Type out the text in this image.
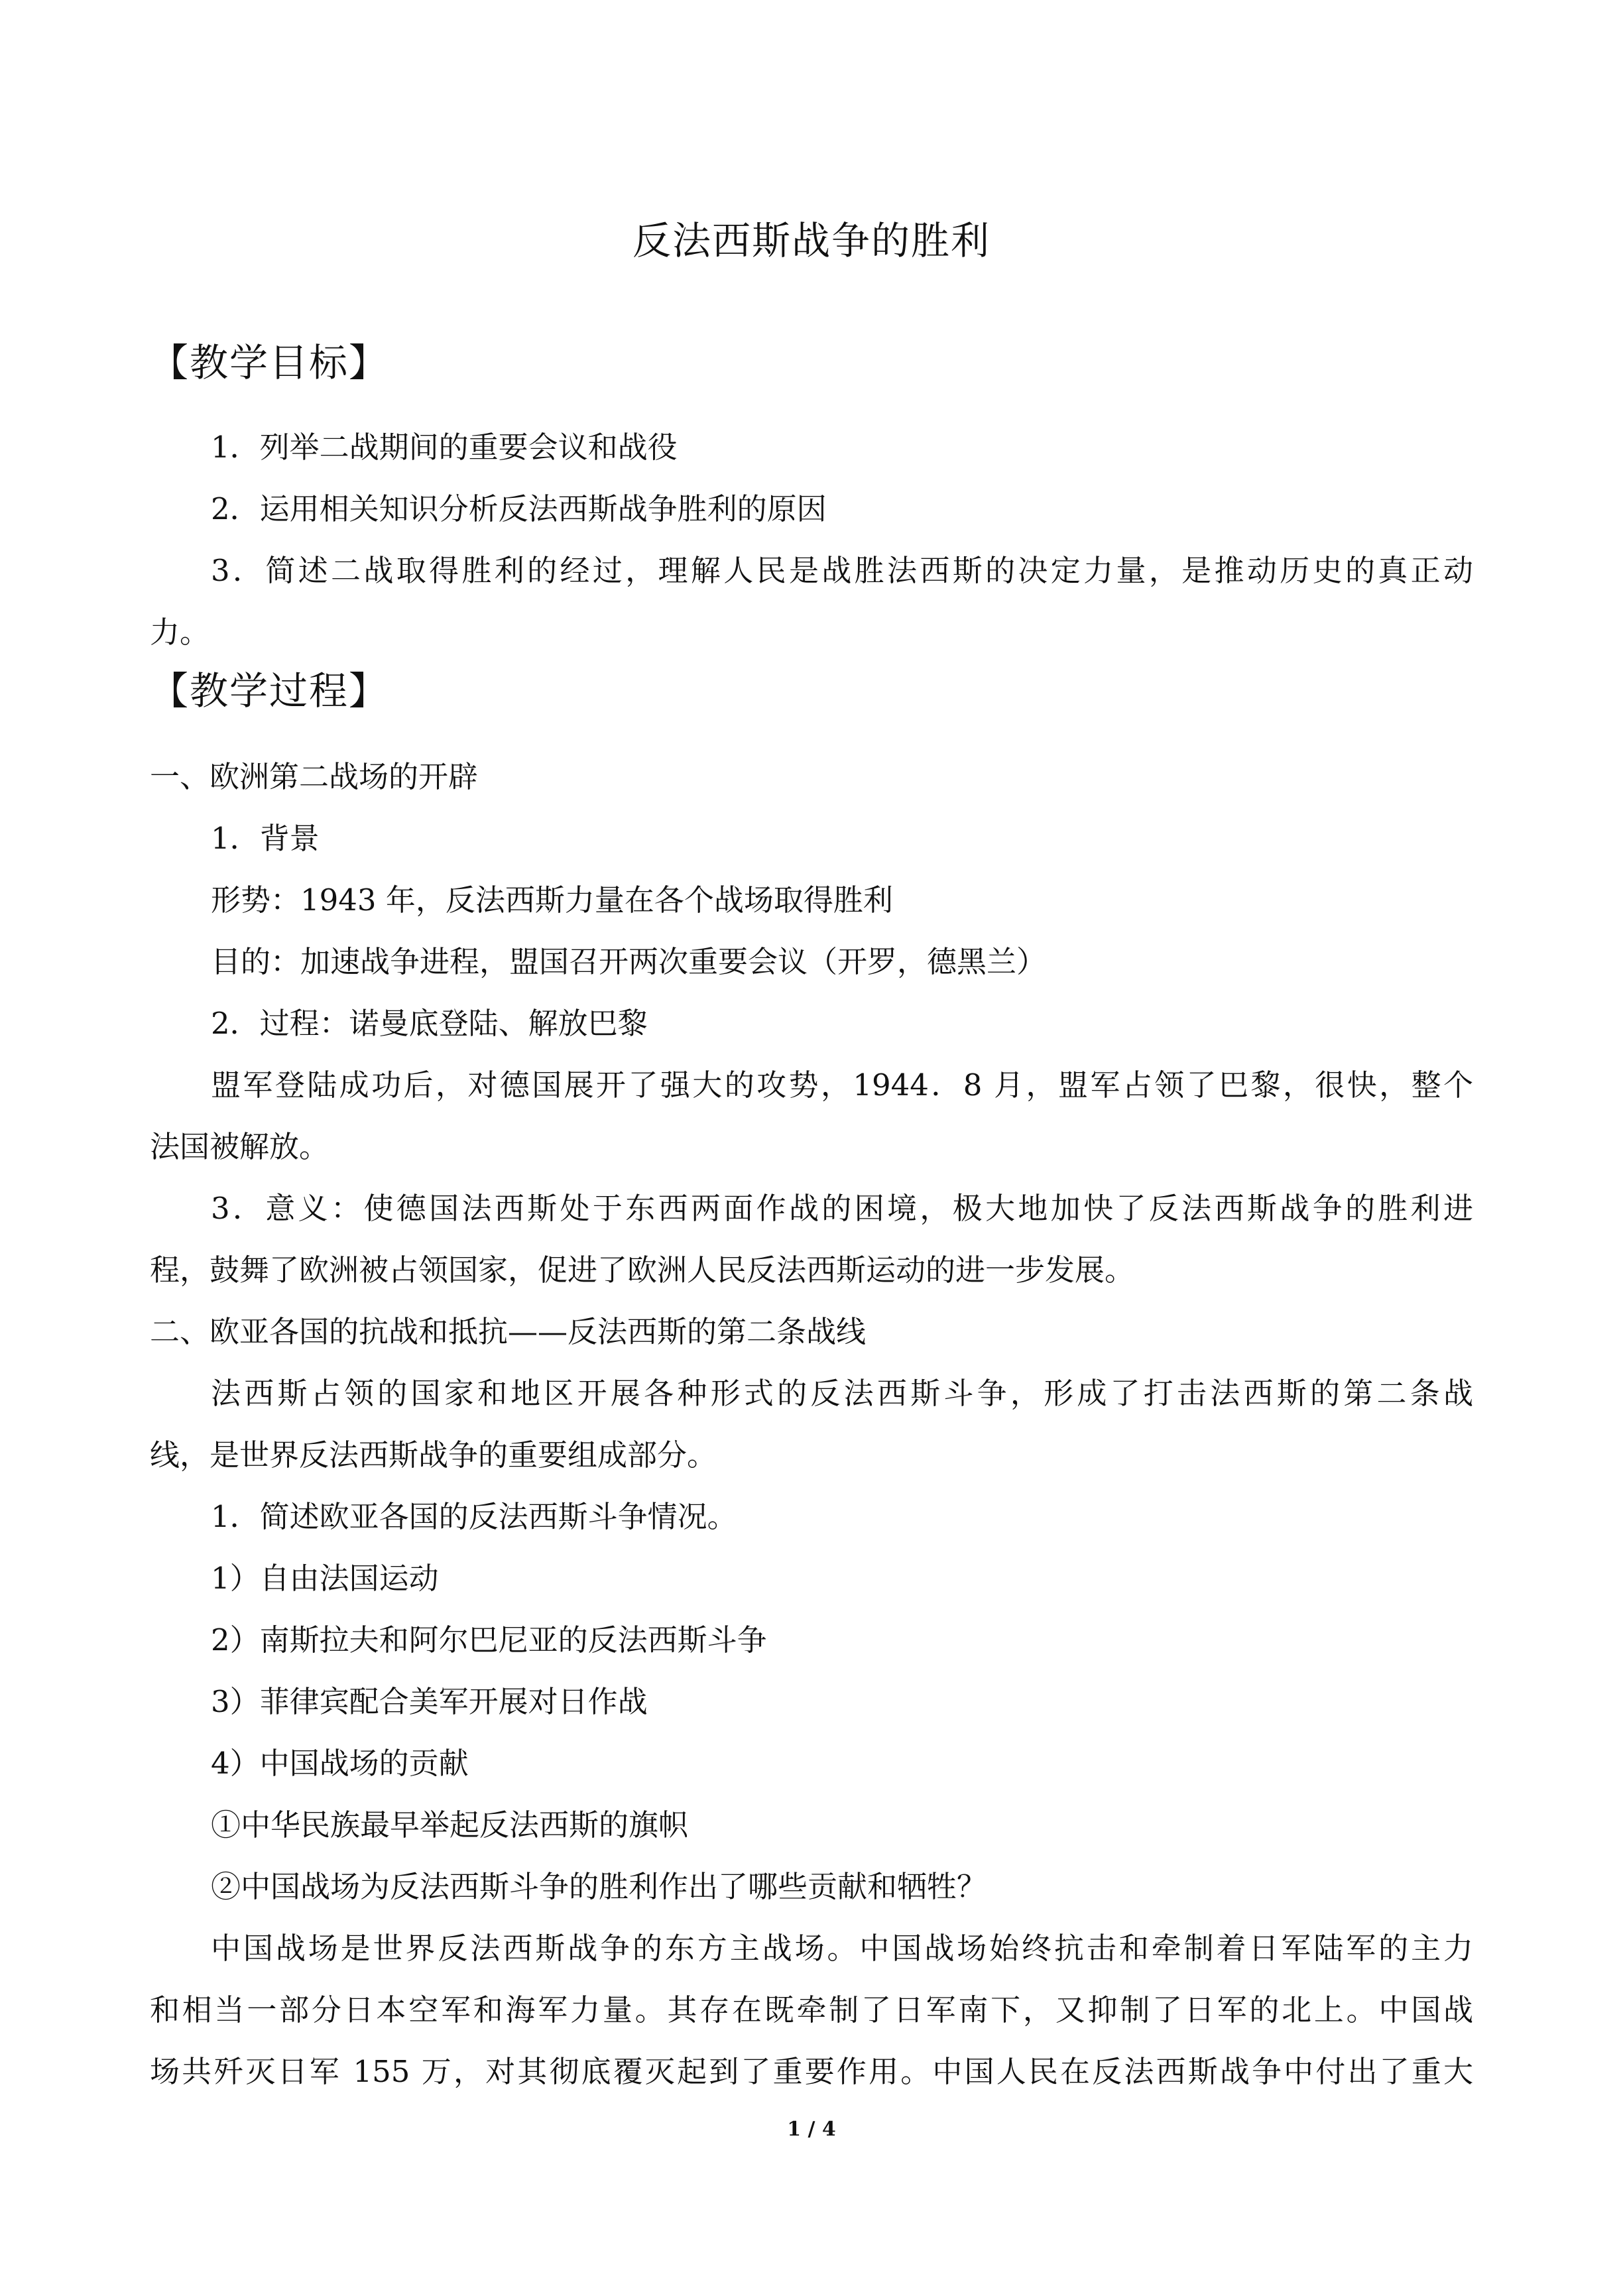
反法西斯战争的胜利
【教学目标】
1．列举二战期间的重要会议和战役
2．运用相关知识分析反法西斯战争胜利的原因
3．简述二战取得胜利的经过，理解人民是战胜法西斯的决定力量，是推动历史的真正动
力。
【教学过程】
一、欧洲第二战场的开辟
1．背景
形势：1943 年，反法西斯力量在各个战场取得胜利
目的：加速战争进程，盟国召开两次重要会议（开罗，德黑兰）
2．过程：诺曼底登陆、解放巴黎
盟军登陆成功后，对德国展开了强大的攻势，1944．8 月，盟军占领了巴黎，很快，整个
法国被解放。
3．意义：使德国法西斯处于东西两面作战的困境，极大地加快了反法西斯战争的胜利进
程，鼓舞了欧洲被占领国家，促进了欧洲人民反法西斯运动的进一步发展。
二、欧亚各国的抗战和抵抗——反法西斯的第二条战线
法西斯占领的国家和地区开展各种形式的反法西斯斗争，形成了打击法西斯的第二条战
线，是世界反法西斯战争的重要组成部分。
1．简述欧亚各国的反法西斯斗争情况。
1）自由法国运动
2）南斯拉夫和阿尔巴尼亚的反法西斯斗争
3）菲律宾配合美军开展对日作战
4）中国战场的贡献
①中华民族最早举起反法西斯的旗帜
②中国战场为反法西斯斗争的胜利作出了哪些贡献和牺牲？
中国战场是世界反法西斯战争的东方主战场。中国战场始终抗击和牵制着日军陆军的主力
和相当一部分日本空军和海军力量。其存在既牵制了日军南下，又抑制了日军的北上。中国战
场共歼灭日军 155 万，对其彻底覆灭起到了重要作用。中国人民在反法西斯战争中付出了重大
1 / 4
